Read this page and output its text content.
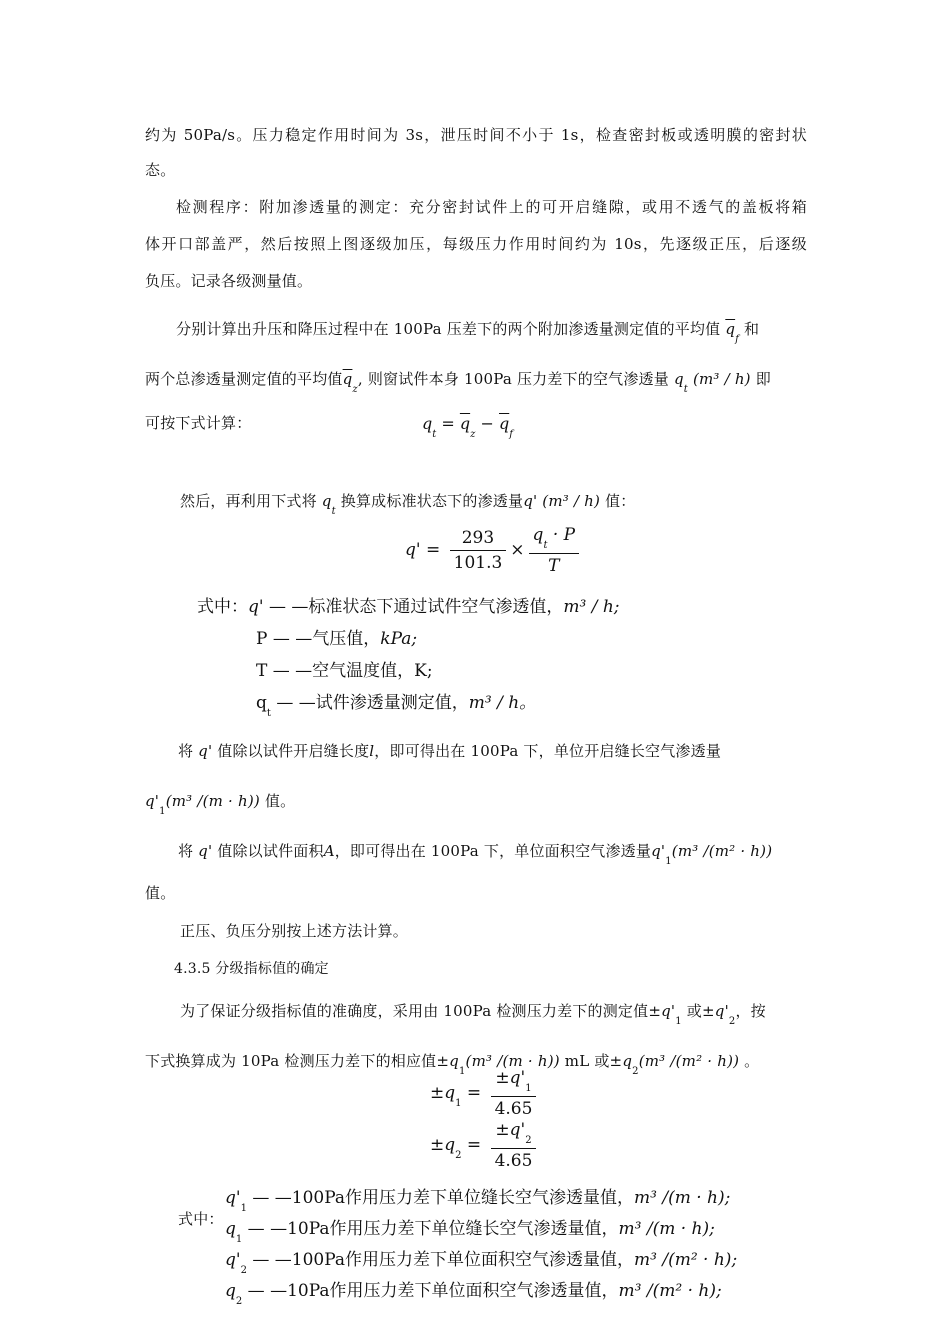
约为 50Pa/s。压力稳定作用时间为 3s，泄压时间不小于 1s，检查密封板或透明膜的密封状
态。
检测程序：附加渗透量的测定：充分密封试件上的可开启缝隙，或用不透气的盖板将箱
体开口部盖严，然后按照上图逐级加压，每级压力作用时间约为 10s，先逐级正压，后逐级
负压。记录各级测量值。
分别计算出升压和降压过程中在 100Pa 压差下的两个附加渗透量测定值的平均值 $\overline{q}_f$ 和
两个总渗透量测定值的平均值$\overline{q}_z$, 则窗试件本身 100Pa 压力差下的空气渗透量 $q_t$ (m³ / h) 即
可按下式计算：	$q_t = \overline{q}_z - \overline{q}_f$
然后，再利用下式将 $q_t$ 换算成标准状态下的渗透量q' (m³ / h) 值：
$q' = \frac{293}{101.3} \times \frac{q_t \cdot P}{T}$
式中：q' — —标准状态下通过试件空气渗透值，m³ / h;
P — —气压值，kPa;
T — —空气温度值，K;
$q_t$ — —试件渗透量测定值，m³ / h。
将 q' 值除以试件开启缝长度l，即可得出在 100Pa 下，单位开启缝长空气渗透量
$q'_1(m^3$ /(m · h)) 值。
将 q' 值除以试件面积A，即可得出在 100Pa 下，单位面积空气渗透量$q'_1(m^3$ /(m² · h))
值。
正压、负压分别按上述方法计算。
4.3.5 分级指标值的确定
为了保证分级指标值的准确度，采用由 100Pa 检测压力差下的测定值$\pm q'_1$ 或$\pm q'_2$，按
下式换算成为 10Pa 检测压力差下的相应值$\pm q_1(m^3$ /(m · h)) mL 或$\pm q_2(m^3$ /(m² · h)) 。
$\pm q_1 = \frac{\pm q'_1}{4.65}$
$\pm q_2 = \frac{\pm q'_2}{4.65}$
式中：
$q'_1$ — —100Pa作用压力差下单位缝长空气渗透量值，m³ /(m · h);
$q_1$ — —10Pa作用压力差下单位缝长空气渗透量值，m³ /(m · h);
$q'_2$ — —100Pa作用压力差下单位面积空气渗透量值，m³ /(m² · h);
$q_2$ — —10Pa作用压力差下单位面积空气渗透量值，m³ /(m² · h);
